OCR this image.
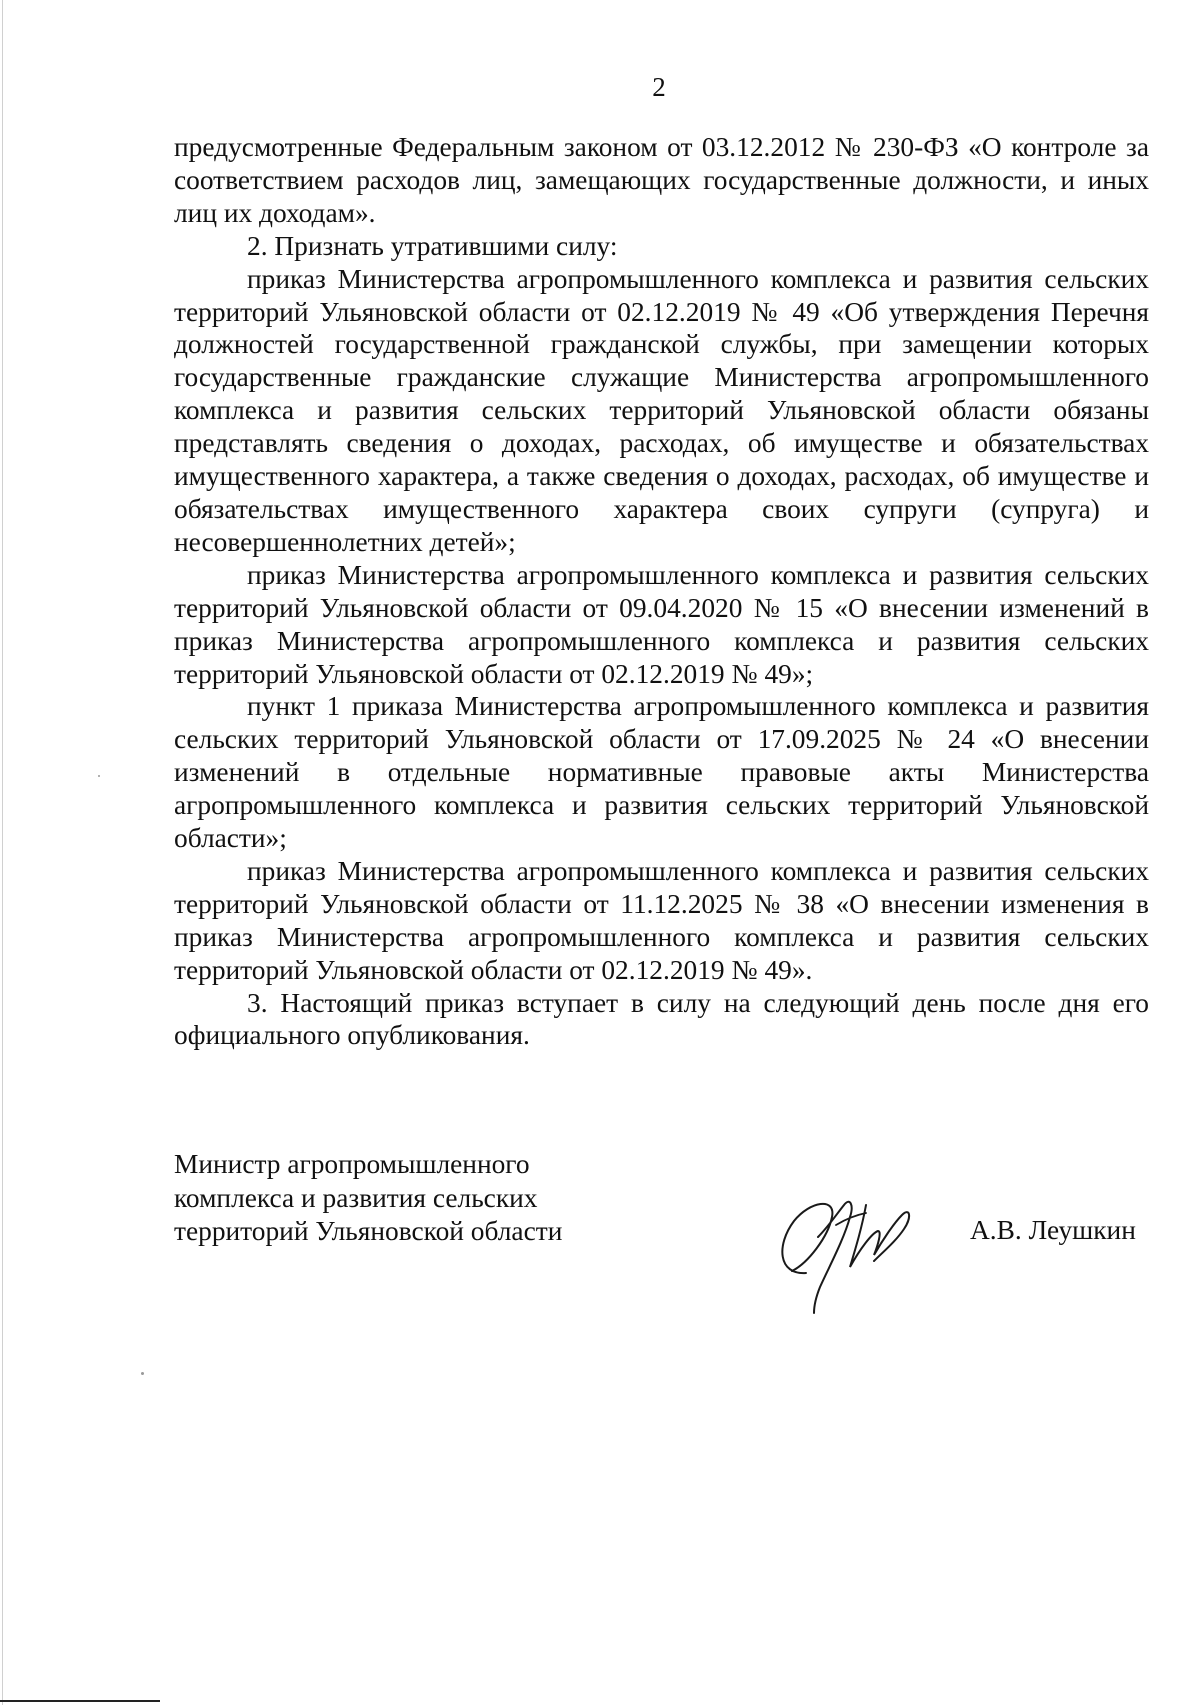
2

предусмотренные Федеральным законом от 03.12.2012 № 230-ФЗ «О контроле за соответствием расходов лиц, замещающих государственные должности, и иных лиц их доходам».

2. Признать утратившими силу:

приказ Министерства агропромышленного комплекса и развития сельских территорий Ульяновской области от 02.12.2019 № 49 «Об утверждения Перечня должностей государственной гражданской службы, при замещении которых государственные гражданские служащие Министерства агропромышленного комплекса и развития сельских территорий Ульяновской области обязаны представлять сведения о доходах, расходах, об имуществе и обязательствах имущественного характера, а также сведения о доходах, расходах, об имуществе и обязательствах имущественного характера своих супруги (супруга) и несовершеннолетних детей»;

приказ Министерства агропромышленного комплекса и развития сельских территорий Ульяновской области от 09.04.2020 № 15 «О внесении изменений в приказ Министерства агропромышленного комплекса и развития сельских территорий Ульяновской области от 02.12.2019 № 49»;

пункт 1 приказа Министерства агропромышленного комплекса и развития сельских территорий Ульяновской области от 17.09.2025 № 24 «О внесении изменений в отдельные нормативные правовые акты Министерства агропромышленного комплекса и развития сельских территорий Ульяновской области»;

приказ Министерства агропромышленного комплекса и развития сельских территорий Ульяновской области от 11.12.2025 № 38 «О внесении изменения в приказ Министерства агропромышленного комплекса и развития сельских территорий Ульяновской области от 02.12.2019 № 49».

3. Настоящий приказ вступает в силу на следующий день после дня его официального опубликования.

Министр агропромышленного
комплекса и развития сельских
территорий Ульяновской области	А.В. Леушкин
